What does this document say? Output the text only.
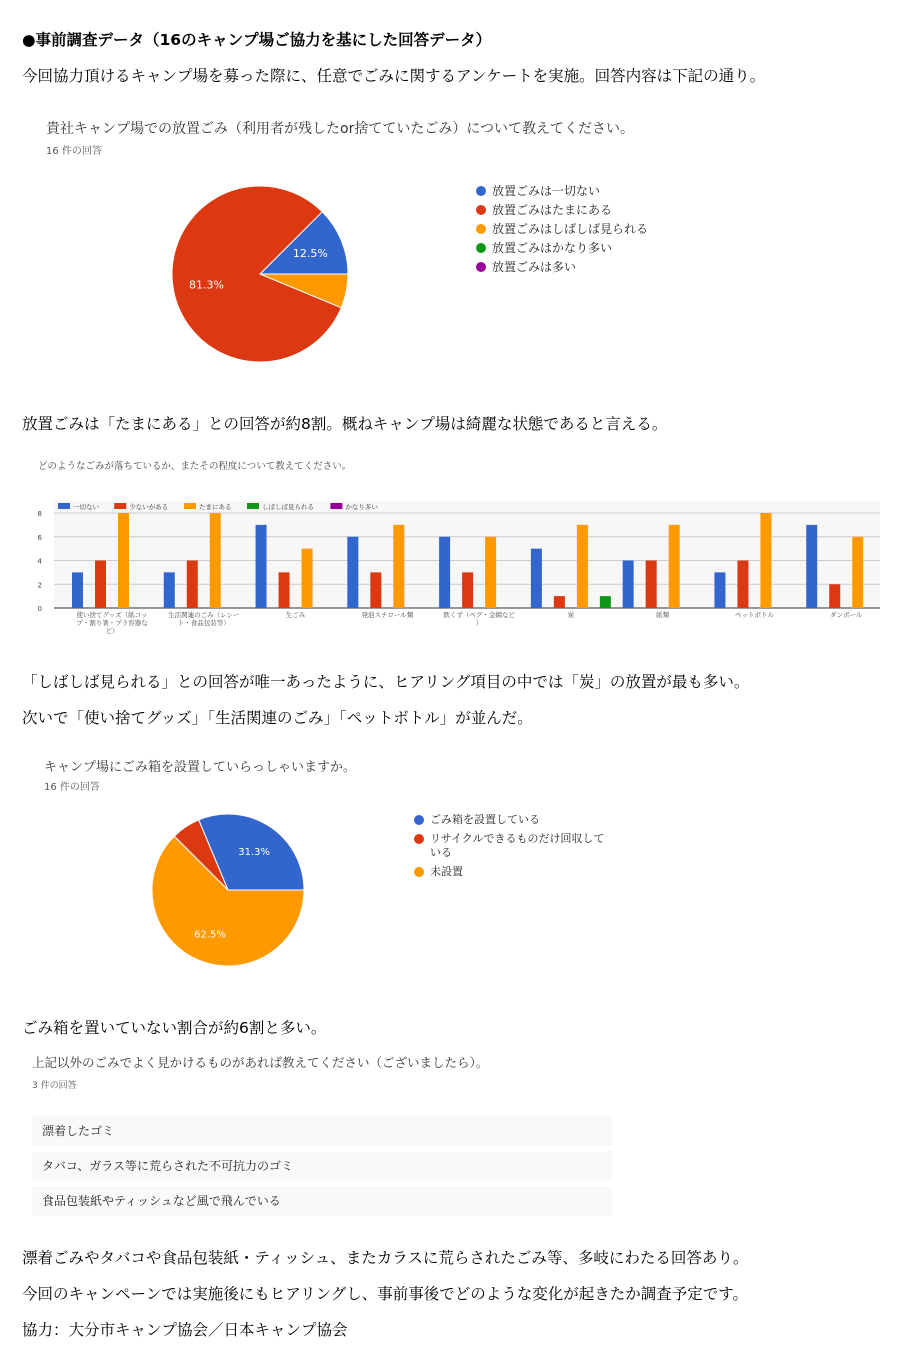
●事前調査データ（16のキャンプ場ご協力を基にした回答データ）
今回協力頂けるキャンプ場を募った際に、任意でごみに関するアンケートを実施。回答内容は下記の通り。
貴社キャンプ場での放置ごみ（利用者が残したor捨てていたごみ）について教えてください。
16 件の回答
12.5%
81.3%
放置ごみは一切ない
放置ごみはたまにある
放置ごみはしばしば見られる
放置ごみはかなり多い
放置ごみは多い
放置ごみは「たまにある」との回答が約8割。概ねキャンプ場は綺麗な状態であると言える。
どのようなごみが落ちているか、またその程度について教えてください。
0
2
4
6
8
一切ない	少ないがある	たまにある	しばしば見られる	かなり多い
使い捨てグッズ（紙コップ・割り箸・プラ容器など）
生活関連のごみ（レシート・食品包装等）
生ごみ	発泡スチロール類	鉄くず（ペグ・金網など）
炭	紙類	ペットボトル	ダンボール
「しばしば見られる」との回答が唯一あったように、ヒアリング項目の中では「炭」の放置が最も多い。
次いで「使い捨てグッズ」「生活関連のごみ」「ペットボトル」が並んだ。
キャンプ場にごみ箱を設置していらっしゃいますか。
16 件の回答
31.3%
62.5%
ごみ箱を設置している
リサイクルできるものだけ回収している
未設置
ごみ箱を置いていない割合が約6割と多い。
上記以外のごみでよく見かけるものがあれば教えてください（ございましたら）。
3 件の回答
漂着したゴミ
タバコ、ガラス等に荒らされた不可抗力のゴミ
食品包装紙やティッシュなど風で飛んでいる
漂着ごみやタバコや食品包装紙・ティッシュ、またカラスに荒らされたごみ等、多岐にわたる回答あり。
今回のキャンペーンでは実施後にもヒアリングし、事前事後でどのような変化が起きたか調査予定です。
協力：大分市キャンプ協会／日本キャンプ協会
